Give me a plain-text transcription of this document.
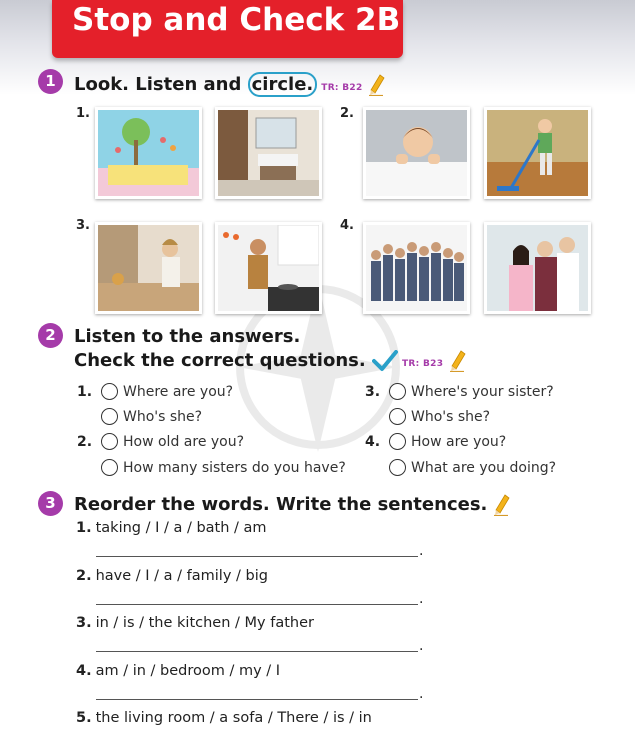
Stop and Check 2B
1	Look. Listen and circle. TR: B22
1.	2.
3.	4.
2	Listen to the answers.
Check the correct questions.	TR: B23
1. Where are you?
Who's she?
2. How old are you?
How many sisters do you have?
3. Where's your sister?
Who's she?
4. How are you?
What are you doing?
3	Reorder the words. Write the sentences.
1. taking / I / a / bath / am
.
2. have / I / a / family / big
.
3. in / is / the kitchen / My father
.
4. am / in / bedroom / my / I
.
5. the living room / a sofa / There / is / in
